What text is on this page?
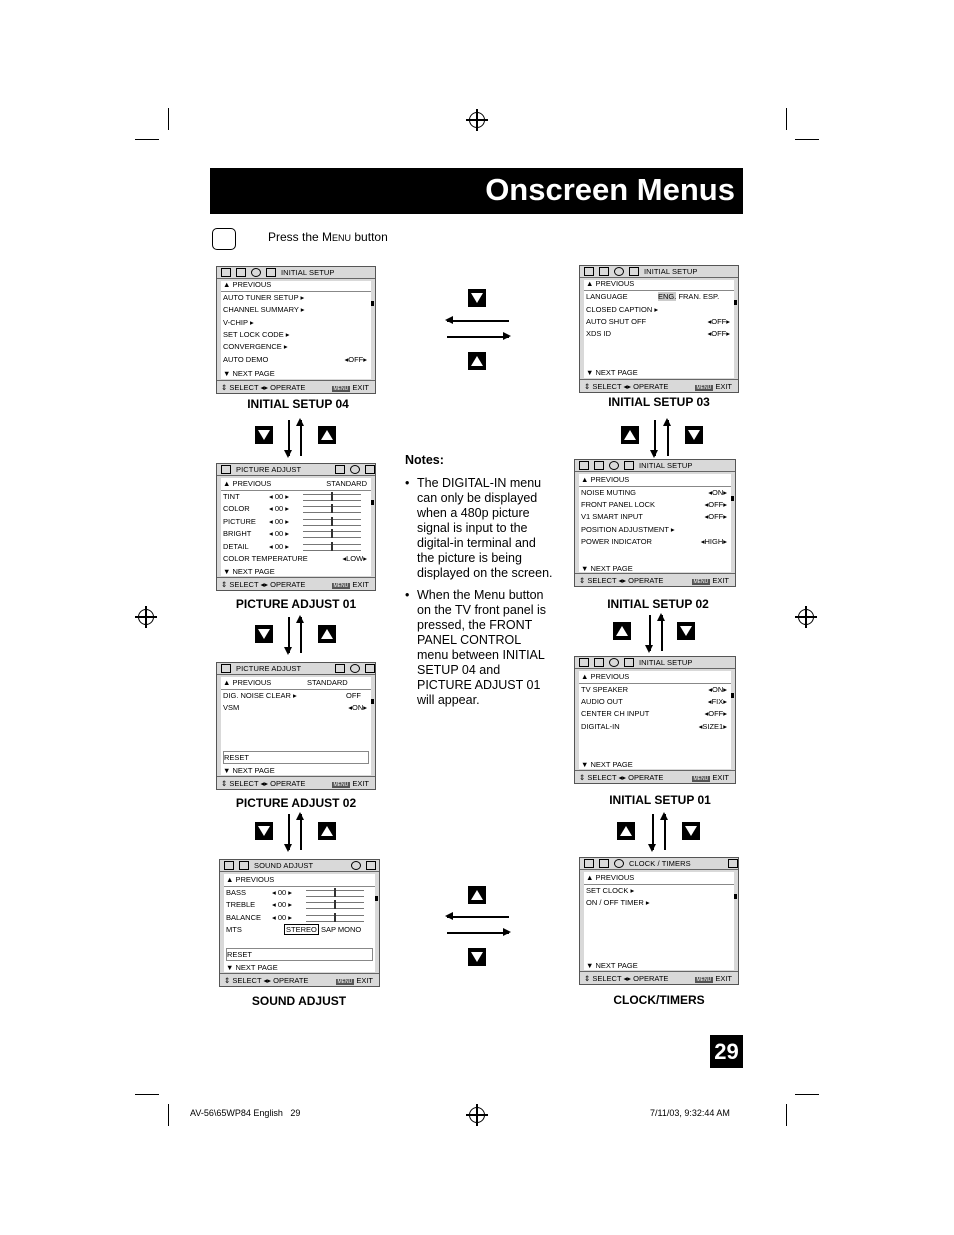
Onscreen Menus
Press the MENU button
INITIAL SETUP
▲ PREVIOUS
AUTO TUNER SETUP ▸
CHANNEL SUMMARY ▸
V-CHIP ▸
SET LOCK CODE ▸
CONVERGENCE ▸
AUTO DEMO	◂OFF▸
▼ NEXT PAGE
⇕ SELECT ◂▸ OPERATE	MENU EXIT
INITIAL SETUP 04
INITIAL SETUP
▲ PREVIOUS
LANGUAGE	ENG. FRAN. ESP.
CLOSED CAPTION ▸
AUTO SHUT OFF	◂OFF▸
XDS ID	◂OFF▸
▼ NEXT PAGE
⇕ SELECT ◂▸ OPERATE	MENU EXIT
INITIAL SETUP 03
PICTURE ADJUST
▲ PREVIOUS	STANDARD
TINT	◂ 00 ▸
COLOR	◂ 00 ▸
PICTURE ◂ 00 ▸
BRIGHT ◂ 00 ▸
DETAIL	◂ 00 ▸
COLOR TEMPERATURE	◂LOW▸
▼ NEXT PAGE
⇕ SELECT ◂▸ OPERATE	MENU EXIT
PICTURE ADJUST 01
INITIAL SETUP
▲ PREVIOUS
NOISE MUTING	◂ON▸
FRONT PANEL LOCK	◂OFF▸
V1 SMART INPUT	◂OFF▸
POSITION ADJUSTMENT ▸
POWER INDICATOR	◂HIGH▸
▼ NEXT PAGE
⇕ SELECT ◂▸ OPERATE	MENU EXIT
INITIAL SETUP 02
PICTURE ADJUST
▲ PREVIOUS	STANDARD
DIG. NOISE CLEAR ▸	OFF
VSM	◂ON▸
RESET
▼ NEXT PAGE
⇕ SELECT ◂▸ OPERATE	MENU EXIT
PICTURE ADJUST 02
INITIAL SETUP
▲ PREVIOUS
TV SPEAKER	◂ON▸
AUDIO OUT	◂FIX▸
CENTER CH INPUT	◂OFF▸
DIGITAL-IN	◂SIZE1▸
▼ NEXT PAGE
⇕ SELECT ◂▸ OPERATE	MENU EXIT
INITIAL SETUP 01
SOUND ADJUST
▲ PREVIOUS
BASS	◂ 00 ▸
TREBLE ◂ 00 ▸
BALANCE ◂ 00 ▸
MTS	STEREO SAP MONO
RESET
▼ NEXT PAGE
⇕ SELECT ◂▸ OPERATE	MENU EXIT
SOUND ADJUST
CLOCK / TIMERS
▲ PREVIOUS
SET CLOCK ▸
ON / OFF TIMER ▸
▼ NEXT PAGE
⇕ SELECT ◂▸ OPERATE	MENU EXIT
CLOCK/TIMERS
Notes:
• The DIGITAL-IN menu can only be displayed when a 480p picture signal is input to the digital-in terminal and the picture is being displayed on the screen.
• When the Menu button on the TV front panel is pressed, the FRONT PANEL CONTROL menu between INITIAL SETUP 04 and PICTURE ADJUST 01 will appear.
29
AV-56\65WP84 English   29	7/11/03, 9:32:44 AM
